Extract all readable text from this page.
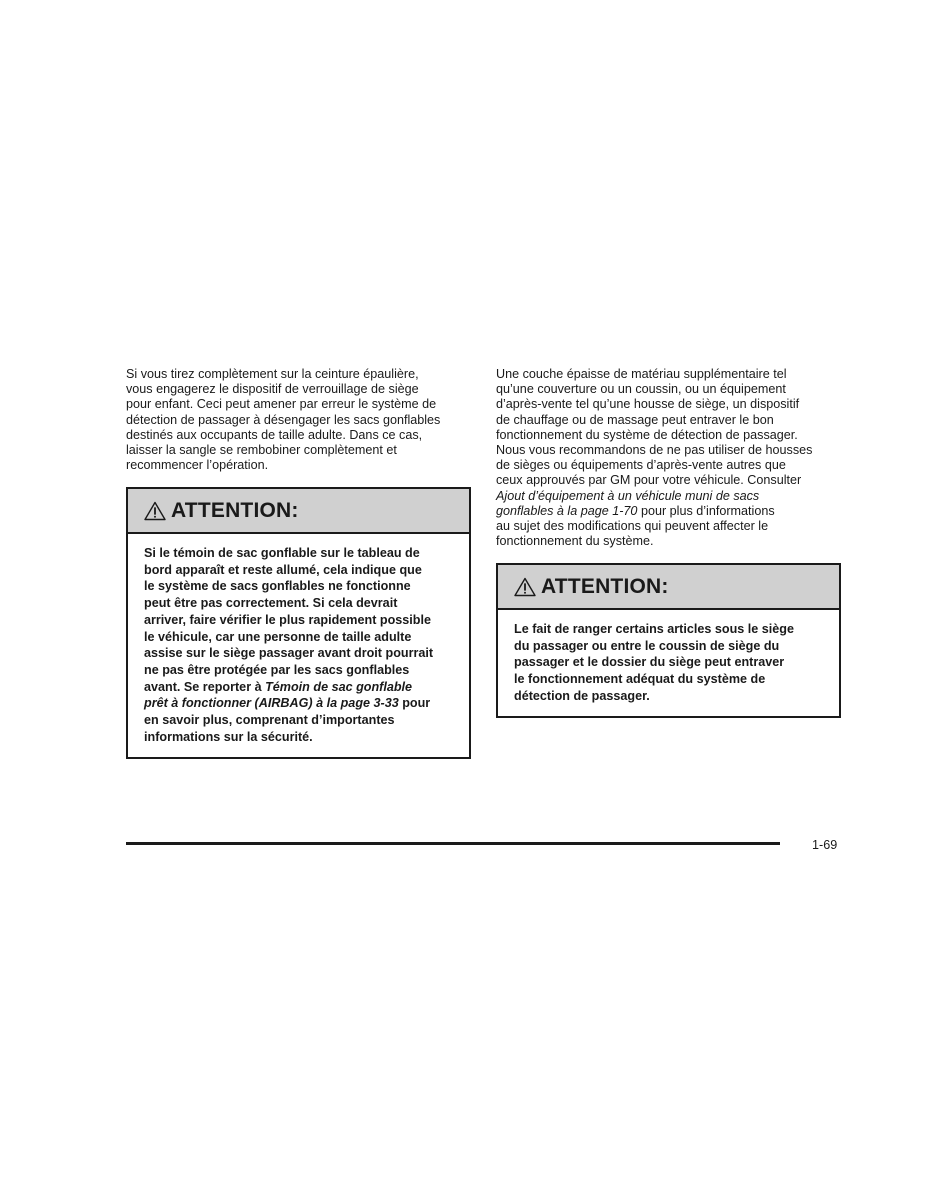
Si vous tirez complètement sur la ceinture épaulière,
vous engagerez le dispositif de verrouillage de siège
pour enfant. Ceci peut amener par erreur le système de
détection de passager à désengager les sacs gonflables
destinés aux occupants de taille adulte. Dans ce cas,
laisser la sangle se rembobiner complètement et
recommencer l’opération.

ATTENTION:
Si le témoin de sac gonflable sur le tableau de
bord apparaît et reste allumé, cela indique que
le système de sacs gonflables ne fonctionne
peut être pas correctement. Si cela devrait
arriver, faire vérifier le plus rapidement possible
le véhicule, car une personne de taille adulte
assise sur le siège passager avant droit pourrait
ne pas être protégée par les sacs gonflables
avant. Se reporter à Témoin de sac gonflable
prêt à fonctionner (AIRBAG) à la page 3-33 pour
en savoir plus, comprenant d’importantes
informations sur la sécurité.

Une couche épaisse de matériau supplémentaire tel
qu’une couverture ou un coussin, ou un équipement
d’après-vente tel qu’une housse de siège, un dispositif
de chauffage ou de massage peut entraver le bon
fonctionnement du système de détection de passager.
Nous vous recommandons de ne pas utiliser de housses
de sièges ou équipements d’après-vente autres que
ceux approuvés par GM pour votre véhicule. Consulter
Ajout d’équipement à un véhicule muni de sacs
gonflables à la page 1-70 pour plus d’informations
au sujet des modifications qui peuvent affecter le
fonctionnement du système.

ATTENTION:
Le fait de ranger certains articles sous le siège
du passager ou entre le coussin de siège du
passager et le dossier du siège peut entraver
le fonctionnement adéquat du système de
détection de passager.
1-69
